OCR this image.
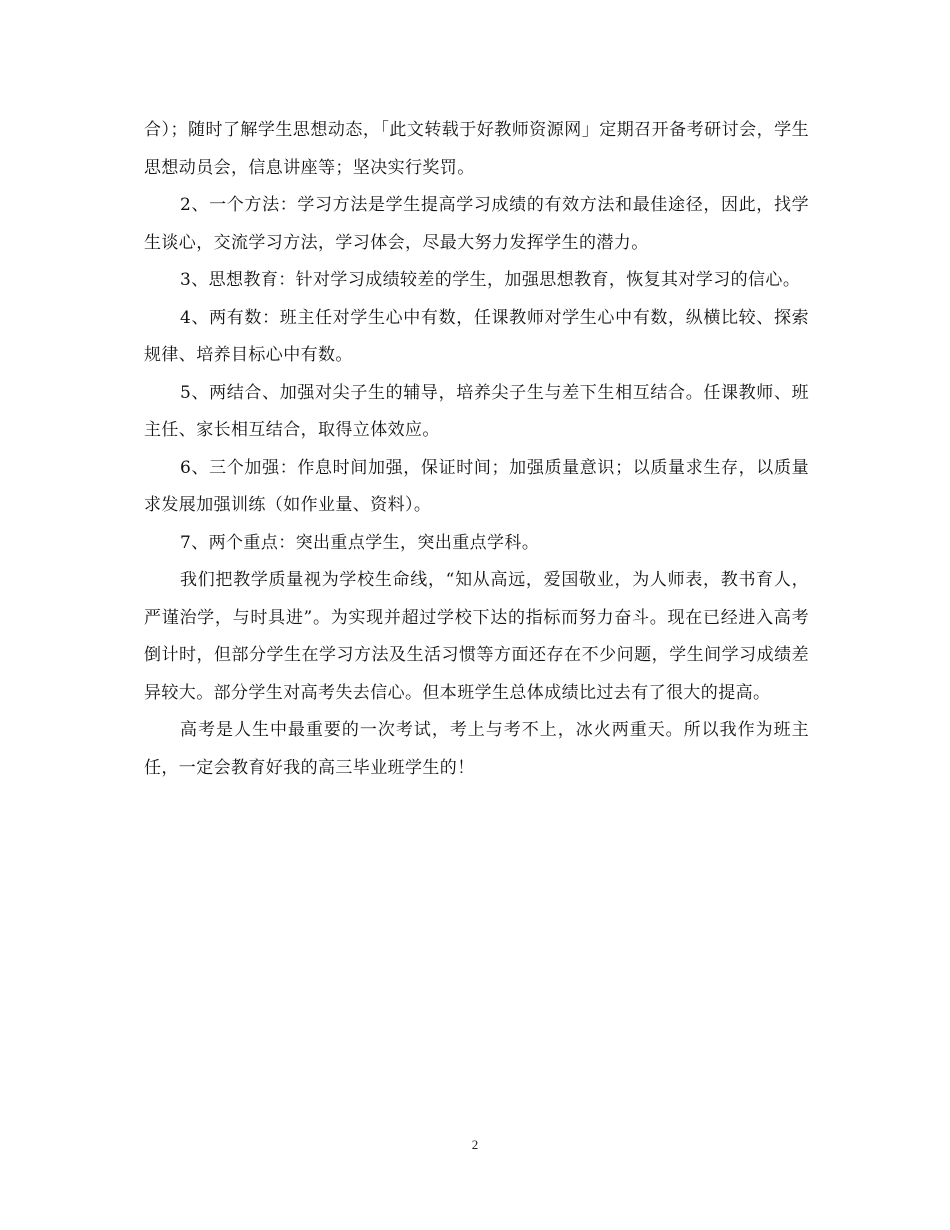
合）；随时了解学生思想动态，「此文转载于好教师资源网」定期召开备考研讨会，学生思想动员会，信息讲座等；坚决实行奖罚。

2、一个方法：学习方法是学生提高学习成绩的有效方法和最佳途径，因此，找学生谈心，交流学习方法，学习体会，尽最大努力发挥学生的潜力。

3、思想教育：针对学习成绩较差的学生，加强思想教育，恢复其对学习的信心。

4、两有数：班主任对学生心中有数，任课教师对学生心中有数，纵横比较、探索规律、培养目标心中有数。

5、两结合、加强对尖子生的辅导，培养尖子生与差下生相互结合。任课教师、班主任、家长相互结合，取得立体效应。

6、三个加强：作息时间加强，保证时间；加强质量意识；以质量求生存，以质量求发展加强训练（如作业量、资料）。

7、两个重点：突出重点学生，突出重点学科。

我们把教学质量视为学校生命线，“知从高远，爱国敬业，为人师表，教书育人，严谨治学，与时具进”。为实现并超过学校下达的指标而努力奋斗。现在已经进入高考倒计时，但部分学生在学习方法及生活习惯等方面还存在不少问题，学生间学习成绩差异较大。部分学生对高考失去信心。但本班学生总体成绩比过去有了很大的提高。

高考是人生中最重要的一次考试，考上与考不上，冰火两重天。所以我作为班主任，一定会教育好我的高三毕业班学生的！

2
